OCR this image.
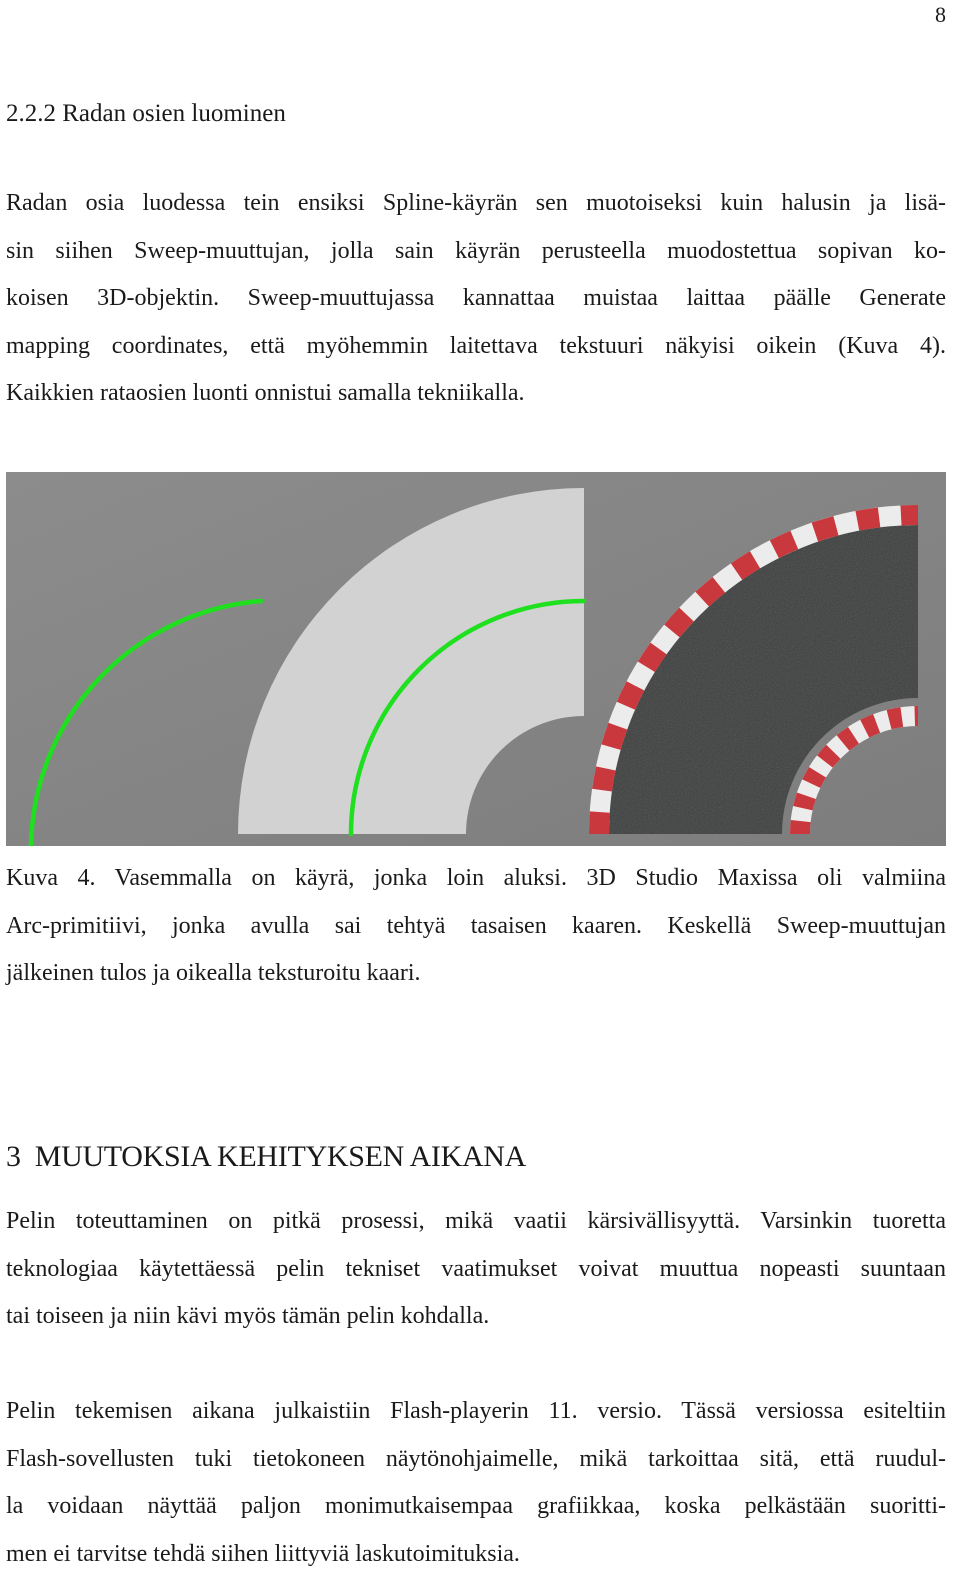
8
2.2.2 Radan osien luominen

Radan osia luodessa tein ensiksi Spline-käyrän sen muotoiseksi kuin halusin ja lisä-
sin siihen Sweep-muuttujan, jolla sain käyrän perusteella muodostettua sopivan ko-
koisen 3D-objektin. Sweep-muuttujassa kannattaa muistaa laittaa päälle Generate
mapping coordinates, että myöhemmin laitettava tekstuuri näkyisi oikein (Kuva 4).
Kaikkien rataosien luonti onnistui samalla tekniikalla.

Kuva 4. Vasemmalla on käyrä, jonka loin aluksi. 3D Studio Maxissa oli valmiina
Arc-primitiivi, jonka avulla sai tehtyä tasaisen kaaren. Keskellä Sweep-muuttujan
jälkeinen tulos ja oikealla teksturoitu kaari.

3 MUUTOKSIA KEHITYKSEN AIKANA

Pelin toteuttaminen on pitkä prosessi, mikä vaatii kärsivällisyyttä. Varsinkin tuoretta
teknologiaa käytettäessä pelin tekniset vaatimukset voivat muuttua nopeasti suuntaan
tai toiseen ja niin kävi myös tämän pelin kohdalla.

Pelin tekemisen aikana julkaistiin Flash-playerin 11. versio. Tässä versiossa esiteltiin
Flash-sovellusten tuki tietokoneen näytönohjaimelle, mikä tarkoittaa sitä, että ruudul-
la voidaan näyttää paljon monimutkaisempaa grafiikkaa, koska pelkästään suoritti-
men ei tarvitse tehdä siihen liittyviä laskutoimituksia.
